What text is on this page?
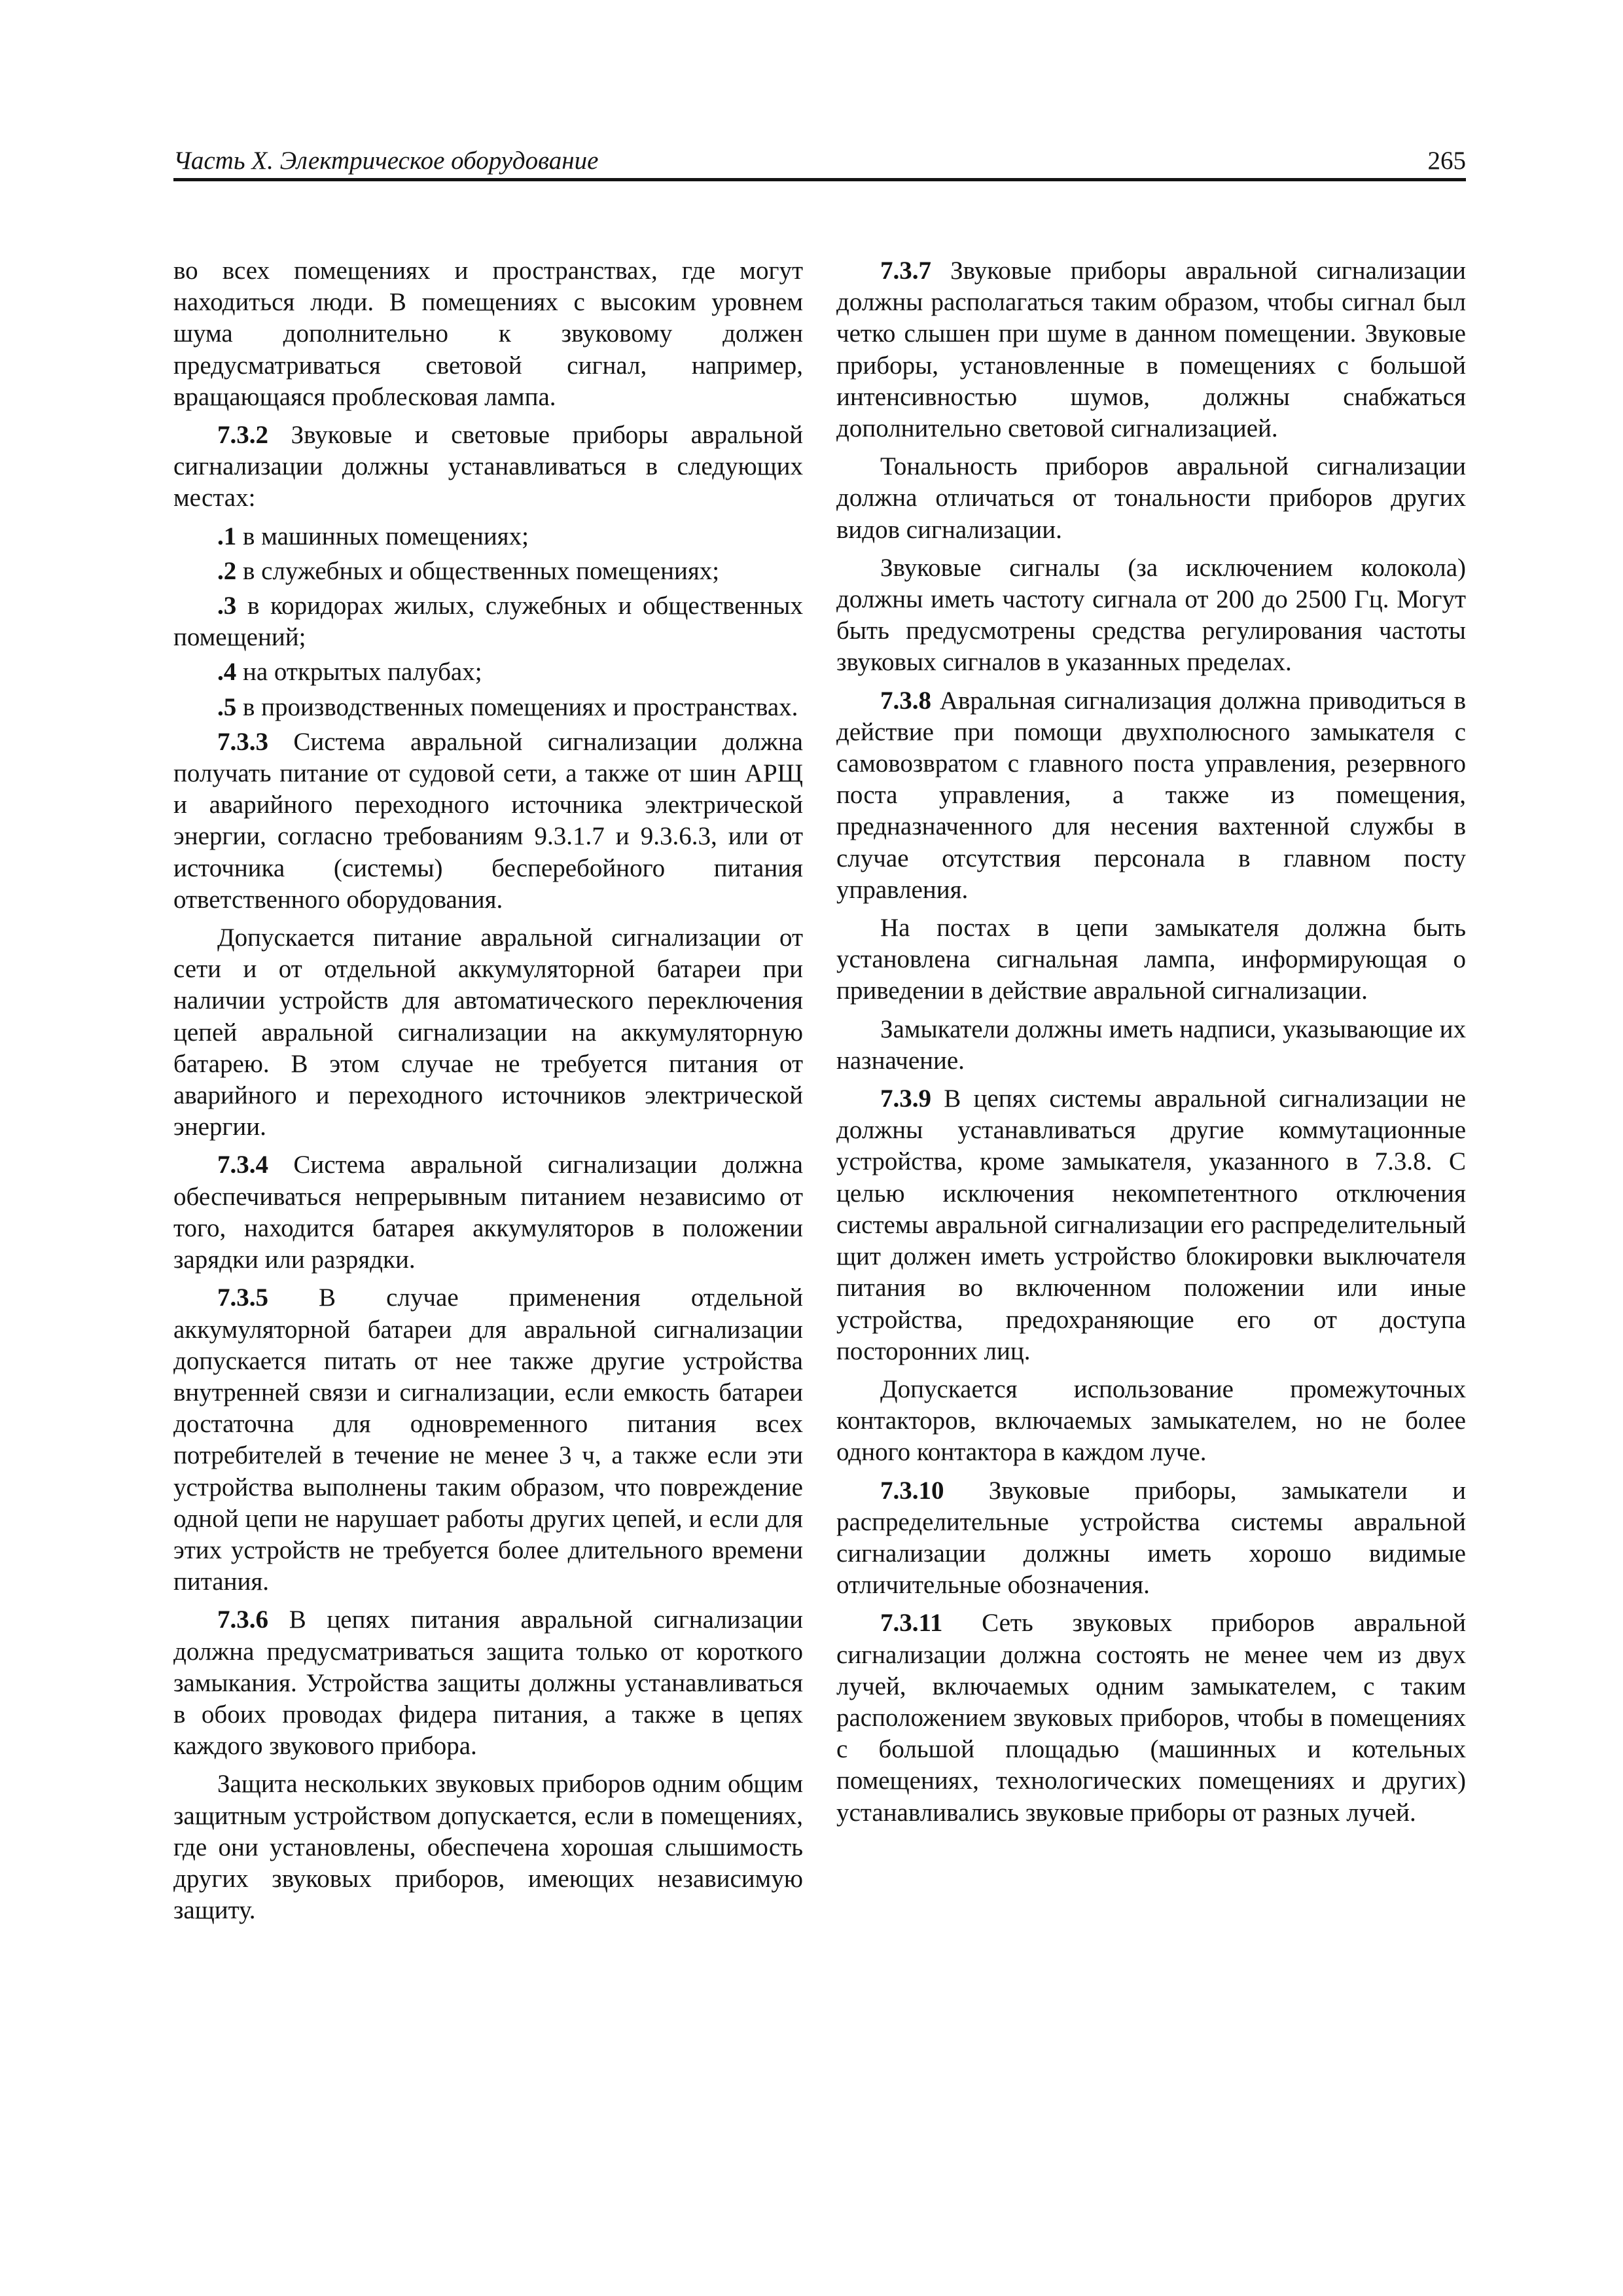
Часть X. Электрическое оборудование	265

во всех помещениях и пространствах, где могут находиться люди. В помещениях с высоким уровнем шума дополнительно к звуковому должен предусматриваться световой сигнал, например, вращающаяся проблесковая лампа.

7.3.2 Звуковые и световые приборы авральной сигнализации должны устанавливаться в следующих местах:

.1 в машинных помещениях;

.2 в служебных и общественных помещениях;

.3 в коридорах жилых, служебных и общественных помещений;

.4 на открытых палубах;

.5 в производственных помещениях и пространствах.

7.3.3 Система авральной сигнализации должна получать питание от судовой сети, а также от шин АРЩ и аварийного переходного источника электрической энергии, согласно требованиям 9.3.1.7 и 9.3.6.3, или от источника (системы) бесперебойного питания ответственного оборудования.

Допускается питание авральной сигнализации от сети и от отдельной аккумуляторной батареи при наличии устройств для автоматического переключения цепей авральной сигнализации на аккумуляторную батарею. В этом случае не требуется питания от аварийного и переходного источников электрической энергии.

7.3.4 Система авральной сигнализации должна обеспечиваться непрерывным питанием независимо от того, находится батарея аккумуляторов в положении зарядки или разрядки.

7.3.5 В случае применения отдельной аккумуляторной батареи для авральной сигнализации допускается питать от нее также другие устройства внутренней связи и сигнализации, если емкость батареи достаточна для одновременного питания всех потребителей в течение не менее 3 ч, а также если эти устройства выполнены таким образом, что повреждение одной цепи не нарушает работы других цепей, и если для этих устройств не требуется более длительного времени питания.

7.3.6 В цепях питания авральной сигнализации должна предусматриваться защита только от короткого замыкания. Устройства защиты должны устанавливаться в обоих проводах фидера питания, а также в цепях каждого звукового прибора.

Защита нескольких звуковых приборов одним общим защитным устройством допускается, если в помещениях, где они установлены, обеспечена хорошая слышимость других звуковых приборов, имеющих независимую защиту.

7.3.7 Звуковые приборы авральной сигнализации должны располагаться таким образом, чтобы сигнал был четко слышен при шуме в данном помещении. Звуковые приборы, установленные в помещениях с большой интенсивностью шумов, должны снабжаться дополнительно световой сигнализацией.

Тональность приборов авральной сигнализации должна отличаться от тональности приборов других видов сигнализации.

Звуковые сигналы (за исключением колокола) должны иметь частоту сигнала от 200 до 2500 Гц. Могут быть предусмотрены средства регулирования частоты звуковых сигналов в указанных пределах.

7.3.8 Авральная сигнализация должна приводиться в действие при помощи двухполюсного замыкателя с самовозвратом с главного поста управления, резервного поста управления, а также из помещения, предназначенного для несения вахтенной службы в случае отсутствия персонала в главном посту управления.

На постах в цепи замыкателя должна быть установлена сигнальная лампа, информирующая о приведении в действие авральной сигнализации.

Замыкатели должны иметь надписи, указывающие их назначение.

7.3.9 В цепях системы авральной сигнализации не должны устанавливаться другие коммутационные устройства, кроме замыкателя, указанного в 7.3.8. С целью исключения некомпетентного отключения системы авральной сигнализации его распределительный щит должен иметь устройство блокировки выключателя питания во включенном положении или иные устройства, предохраняющие его от доступа посторонних лиц.

Допускается использование промежуточных контакторов, включаемых замыкателем, но не более одного контактора в каждом луче.

7.3.10 Звуковые приборы, замыкатели и распределительные устройства системы авральной сигнализации должны иметь хорошо видимые отличительные обозначения.

7.3.11 Сеть звуковых приборов авральной сигнализации должна состоять не менее чем из двух лучей, включаемых одним замыкателем, с таким расположением звуковых приборов, чтобы в помещениях с большой площадью (машинных и котельных помещениях, технологических помещениях и других) устанавливались звуковые приборы от разных лучей.
